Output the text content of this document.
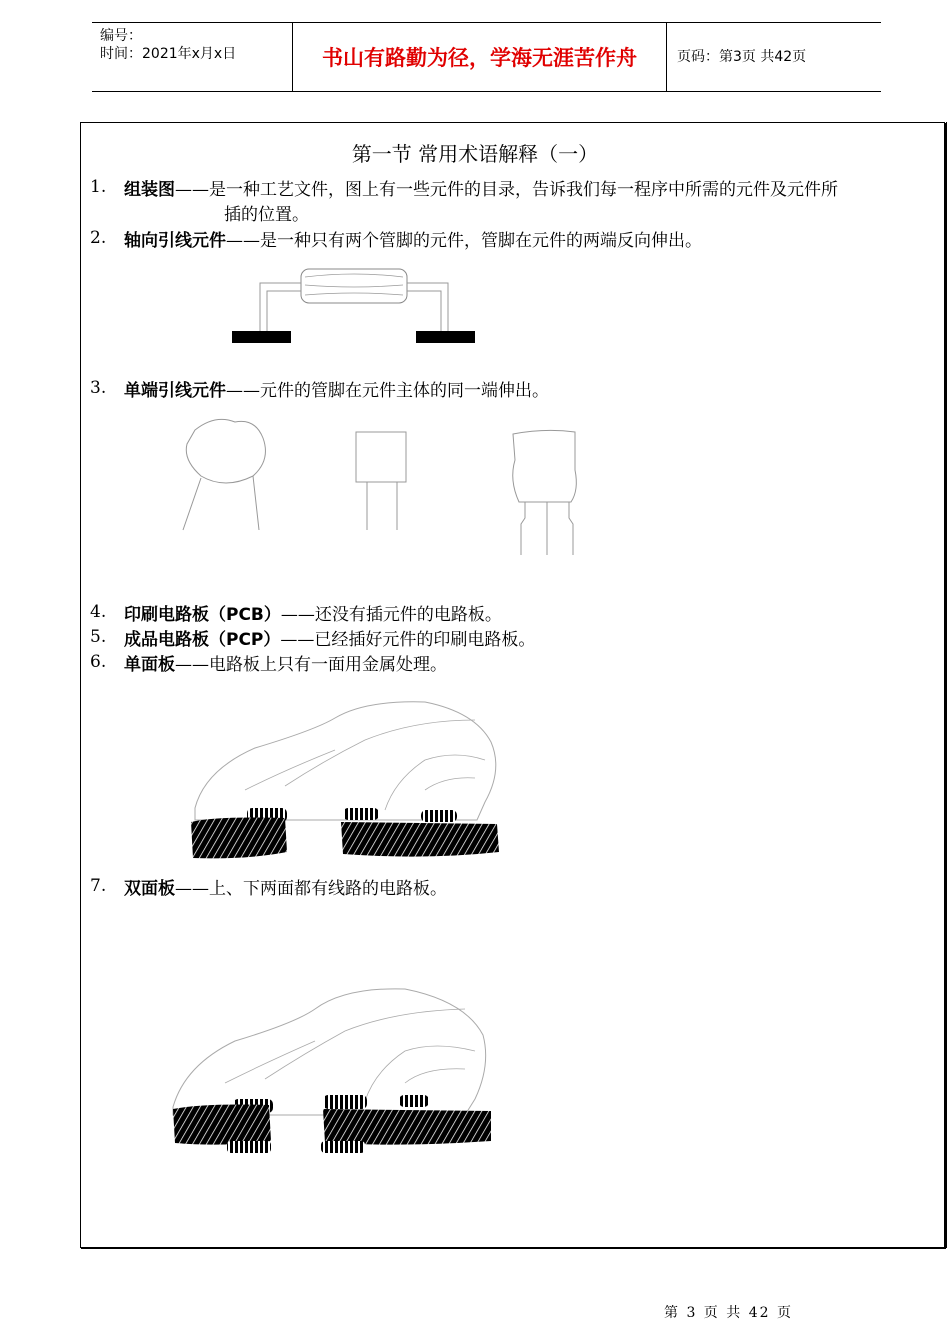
编号：
时间：2021年x月x日	书山有路勤为径，学海无涯苦作舟	页码：第3页 共42页
第一节 常用术语解释（一）
1. 组装图——是一种工艺文件，图上有一些元件的目录，告诉我们每一程序中所需的元件及元件所
插的位置。
2. 轴向引线元件——是一种只有两个管脚的元件，管脚在元件的两端反向伸出。
3. 单端引线元件——元件的管脚在元件主体的同一端伸出。
4. 印刷电路板（PCB）——还没有插元件的电路板。
5. 成品电路板（PCP）——已经插好元件的印刷电路板。
6. 单面板——电路板上只有一面用金属处理。
7. 双面板——上、下两面都有线路的电路板。
第 3 页 共 42 页
